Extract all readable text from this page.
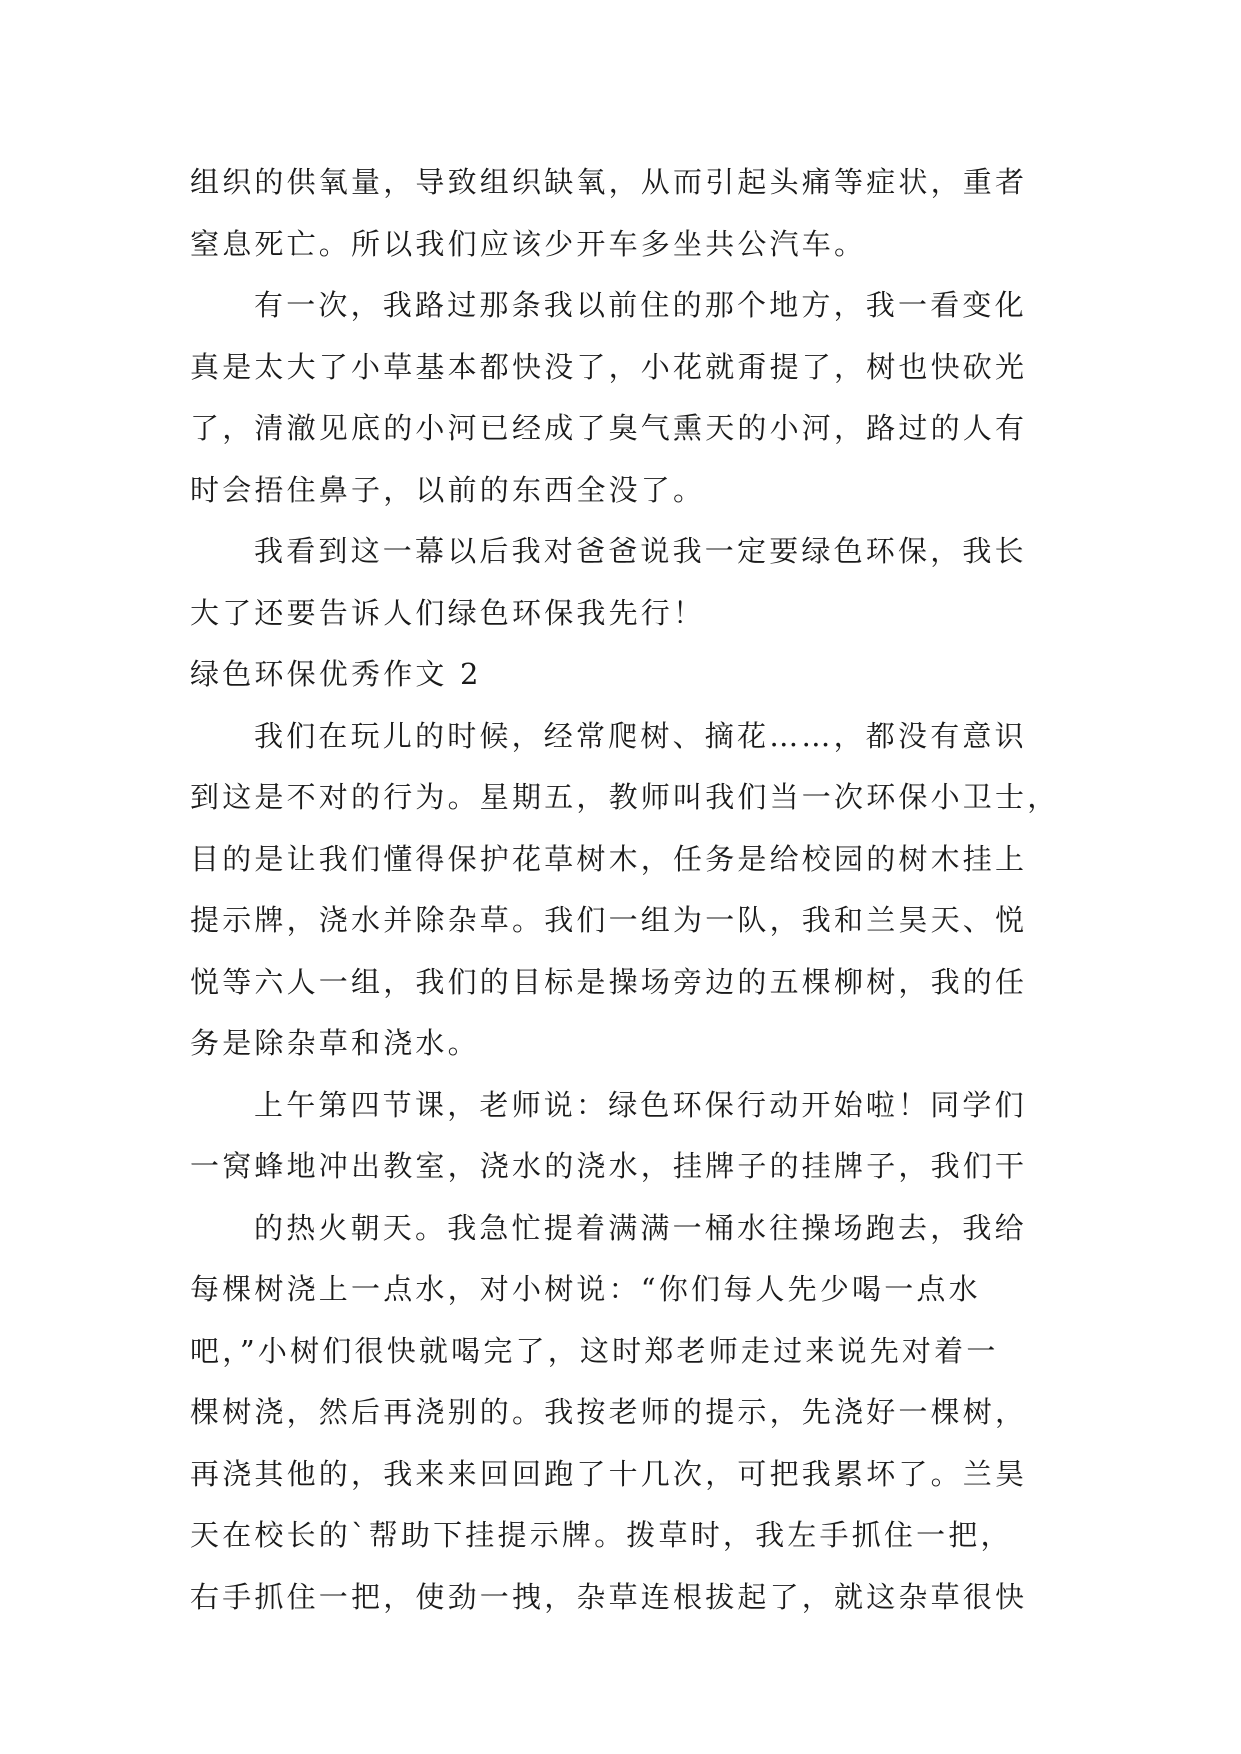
组织的供氧量，导致组织缺氧，从而引起头痛等症状，重者
窒息死亡。所以我们应该少开车多坐共公汽车。
有一次，我路过那条我以前住的那个地方，我一看变化
真是太大了小草基本都快没了，小花就甭提了，树也快砍光
了，清澈见底的小河已经成了臭气熏天的小河，路过的人有
时会捂住鼻子，以前的东西全没了。
我看到这一幕以后我对爸爸说我一定要绿色环保，我长
大了还要告诉人们绿色环保我先行！
绿色环保优秀作文 2
我们在玩儿的时候，经常爬树、摘花……，都没有意识
到这是不对的行为。星期五，教师叫我们当一次环保小卫士，
目的是让我们懂得保护花草树木，任务是给校园的树木挂上
提示牌，浇水并除杂草。我们一组为一队，我和兰昊天、悦
悦等六人一组，我们的目标是操场旁边的五棵柳树，我的任
务是除杂草和浇水。
上午第四节课，老师说：绿色环保行动开始啦！同学们
一窝蜂地冲出教室，浇水的浇水，挂牌子的挂牌子，我们干
的热火朝天。我急忙提着满满一桶水往操场跑去，我给
每棵树浇上一点水，对小树说：“你们每人先少喝一点水
吧，”小树们很快就喝完了，这时郑老师走过来说先对着一
棵树浇，然后再浇别的。我按老师的提示，先浇好一棵树，
再浇其他的，我来来回回跑了十几次，可把我累坏了。兰昊
天在校长的`帮助下挂提示牌。拨草时，我左手抓住一把，
右手抓住一把，使劲一拽，杂草连根拔起了，就这杂草很快
